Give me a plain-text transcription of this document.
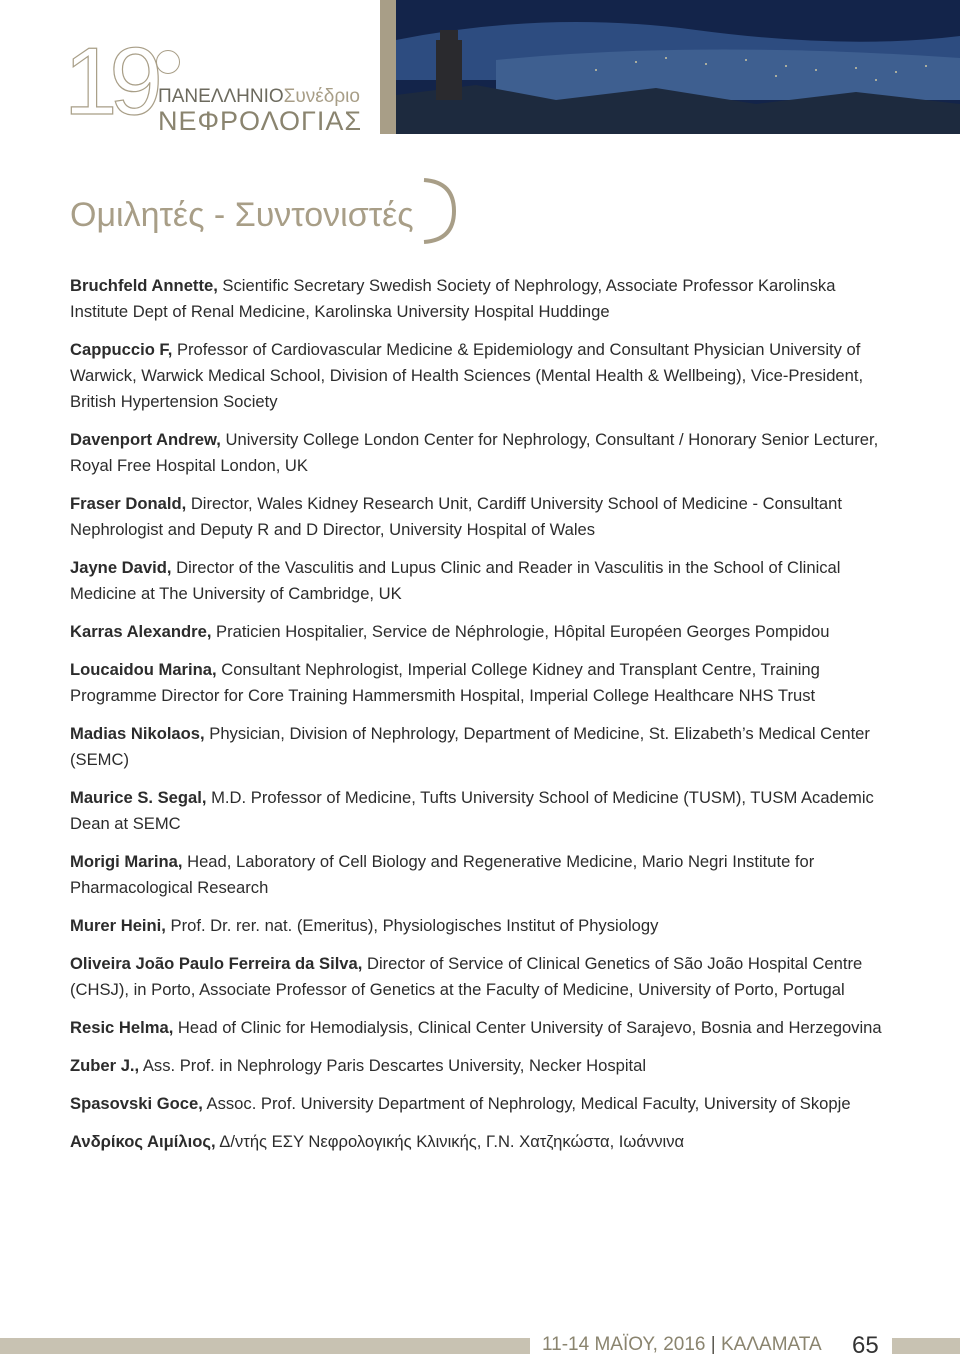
19 ΠΑΝΕΛΛΗΝΙΟΣυνέδριο
ΝΕΦΡΟΛΟΓΙΑΣ
Ομιλητές - Συντονιστές

Bruchfeld Annette, Scientific Secretary Swedish Society of Nephrology, Associate Professor Karolinska Institute Dept of Renal Medicine, Karolinska University Hospital Huddinge

Cappuccio F, Professor of Cardiovascular Medicine & Epidemiology and Consultant Physician University of Warwick, Warwick Medical School, Division of Health Sciences (Mental Health & Wellbeing), Vice-President, British Hypertension Society

Davenport Andrew, University College London Center for Nephrology, Consultant / Honorary Senior Lecturer, Royal Free Hospital London, UK

Fraser Donald, Director, Wales Kidney Research Unit, Cardiff University School of Medicine - Consultant Nephrologist and Deputy R and D Director, University Hospital of Wales

Jayne David, Director of the Vasculitis and Lupus Clinic and Reader in Vasculitis in the School of Clinical Medicine at The University of Cambridge, UK

Karras Alexandre, Praticien Hospitalier, Service de Néphrologie, Hôpital Européen Georges Pompidou

Loucaidou Marina, Consultant Nephrologist, Imperial College Kidney and Transplant Centre, Training Programme Director for Core Training Hammersmith Hospital, Imperial College Healthcare NHS Trust

Madias Nikolaos, Physician, Division of Nephrology, Department of Medicine, St. Elizabeth’s Medical Center (SEMC)

Maurice S. Segal, M.D. Professor of Medicine, Tufts University School of Medicine (TUSM), TUSM Academic Dean at SEMC

Morigi Marina, Head, Laboratory of Cell Biology and Regenerative Medicine, Mario Negri Institute for Pharmacological Research

Murer Heini, Prof. Dr. rer. nat. (Emeritus), Physiologisches Institut of Physiology

Oliveira João Paulo Ferreira da Silva, Director of Service of Clinical Genetics of São João Hospital Centre (CHSJ), in Porto, Associate Professor of Genetics at the Faculty of Medicine, University of Porto, Portugal

Resic Helma, Head of Clinic for Hemodialysis, Clinical Center University of Sarajevo, Bosnia and Herzegovina

Zuber J., Ass. Prof. in Nephrology Paris Descartes University, Necker Hospital

Spasovski Goce, Assoc. Prof. University Department of Nephrology, Medical Faculty, University of Skopje

Ανδρίκος Αιμίλιος, Δ/ντής ΕΣΥ Νεφρολογικής Κλινικής, Γ.Ν. Χατζηκώστα, Ιωάννινα

11-14 ΜΑΪΟΥ, 2016 | ΚΑΛΑΜΑΤΑ 65
